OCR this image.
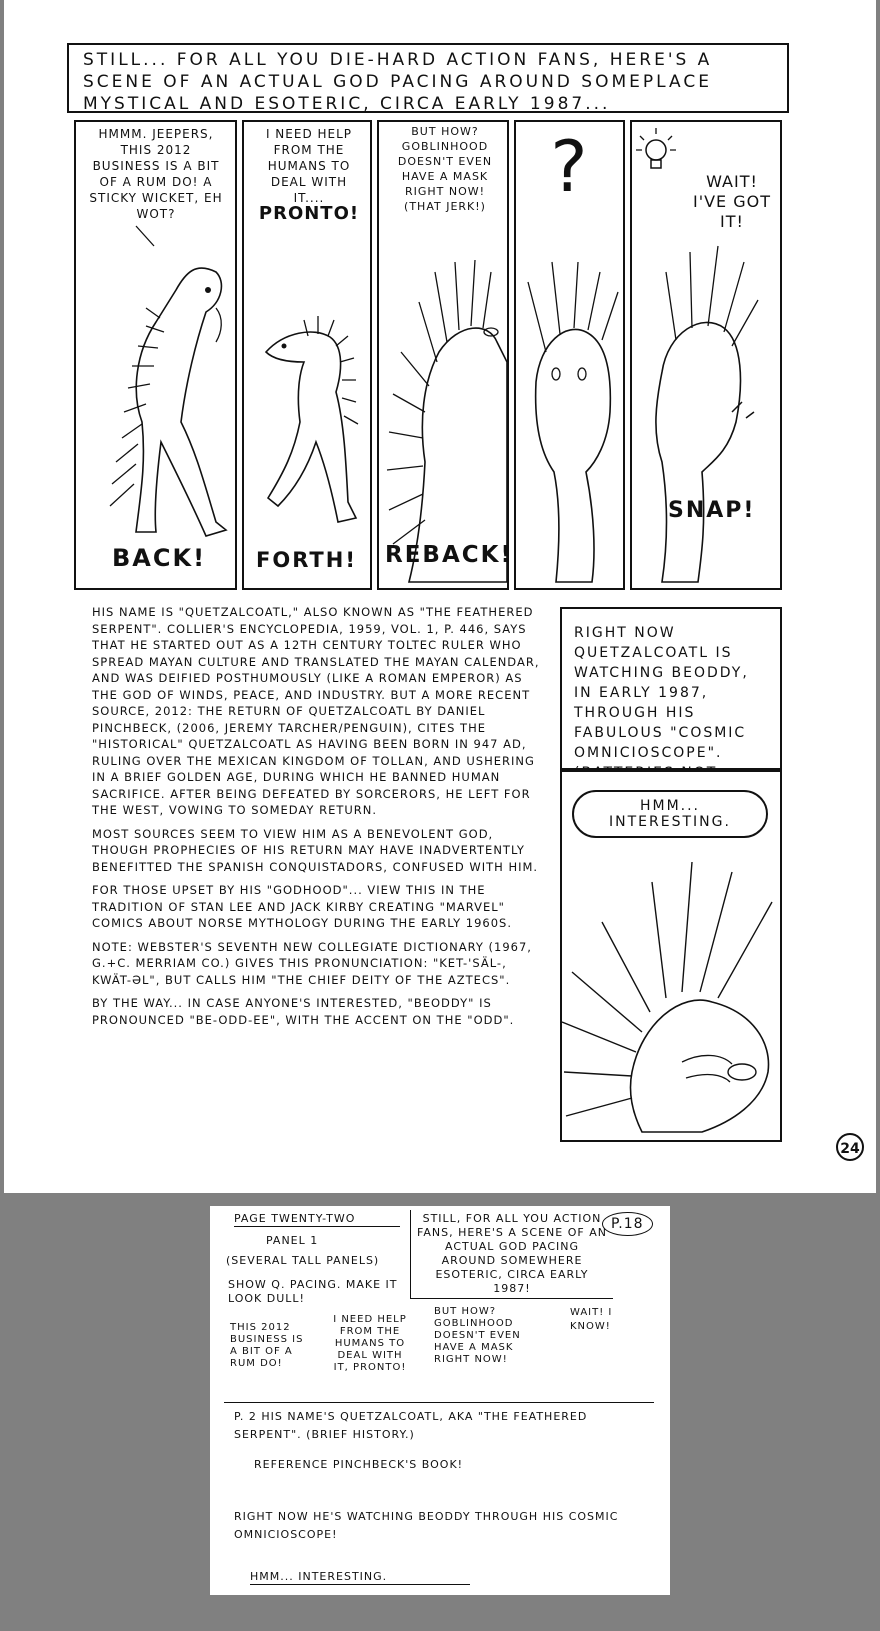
STILL... FOR ALL YOU DIE-HARD ACTION FANS, HERE'S A SCENE OF AN ACTUAL GOD PACING AROUND SOMEPLACE MYSTICAL AND ESOTERIC, CIRCA EARLY 1987...
HMMM. JEEPERS, THIS 2012 BUSINESS IS A BIT OF A RUM DO! A STICKY WICKET, EH WOT?
BACK!
I NEED HELP FROM THE HUMANS TO DEAL WITH IT....
PRONTO!
FORTH!
BUT HOW? GOBLINHOOD DOESN'T EVEN HAVE A MASK RIGHT NOW! (THAT JERK!)
REBACK!
?	WAIT! I'VE GOT IT!
SNAP!

HIS NAME IS "QUETZALCOATL," ALSO KNOWN AS "THE FEATHERED SERPENT". COLLIER'S ENCYCLOPEDIA, 1959, VOL. 1, P. 446, SAYS THAT HE STARTED OUT AS A 12TH CENTURY TOLTEC RULER WHO SPREAD MAYAN CULTURE AND TRANSLATED THE MAYAN CALENDAR, AND WAS DEIFIED POSTHUMOUSLY (LIKE A ROMAN EMPEROR) AS THE GOD OF WINDS, PEACE, AND INDUSTRY. BUT A MORE RECENT SOURCE, 2012: THE RETURN OF QUETZALCOATL BY DANIEL PINCHBECK, (2006, JEREMY TARCHER/PENGUIN), CITES THE "HISTORICAL" QUETZALCOATL AS HAVING BEEN BORN IN 947 AD, RULING OVER THE MEXICAN KINGDOM OF TOLLAN, AND USHERING IN A BRIEF GOLDEN AGE, DURING WHICH HE BANNED HUMAN SACRIFICE. AFTER BEING DEFEATED BY SORCERORS, HE LEFT FOR THE WEST, VOWING TO SOMEDAY RETURN.

MOST SOURCES SEEM TO VIEW HIM AS A BENEVOLENT GOD, THOUGH PROPHECIES OF HIS RETURN MAY HAVE INADVERTENTLY BENEFITTED THE SPANISH CONQUISTADORS, CONFUSED WITH HIM.

FOR THOSE UPSET BY HIS "GODHOOD"... VIEW THIS IN THE TRADITION OF STAN LEE AND JACK KIRBY CREATING "MARVEL" COMICS ABOUT NORSE MYTHOLOGY DURING THE EARLY 1960S.

NOTE: WEBSTER'S SEVENTH NEW COLLEGIATE DICTIONARY (1967, G.+C. MERRIAM CO.) GIVES THIS PRONUNCIATION: "KET-'SÄL-, KWÄT-ƏL", BUT CALLS HIM "THE CHIEF DEITY OF THE AZTECS".

BY THE WAY... IN CASE ANYONE'S INTERESTED, "BEODDY" IS PRONOUNCED "BE-ODD-EE", WITH THE ACCENT ON THE "ODD".

RIGHT NOW QUETZALCOATL IS WATCHING BEODDY, IN EARLY 1987, THROUGH HIS FABULOUS "COSMIC OMNICIOSCOPE".
HMM... INTERESTING.
24
PAGE TWENTY-TWO
PANEL 1
(SEVERAL TALL PANELS)
SHOW Q. PACING. MAKE IT LOOK DULL!
P.18
STILL, FOR ALL YOU ACTION FANS, HERE'S A SCENE OF AN ACTUAL GOD PACING AROUND SOMEWHERE ESOTERIC, CIRCA EARLY 1987!
THIS 2012 BUSINESS IS A BIT OF A RUM DO!
I NEED HELP FROM THE HUMANS TO DEAL WITH IT, PRONTO!
BUT HOW? GOBLINHOOD DOESN'T EVEN HAVE A MASK RIGHT NOW!
WAIT! I KNOW!
P. 2 HIS NAME'S QUETZALCOATL, AKA "THE FEATHERED SERPENT". (BRIEF HISTORY.)
REFERENCE PINCHBECK'S BOOK!
RIGHT NOW HE'S WATCHING BEODDY THROUGH HIS COSMIC OMNICIOSCOPE!
HMM... INTERESTING.
